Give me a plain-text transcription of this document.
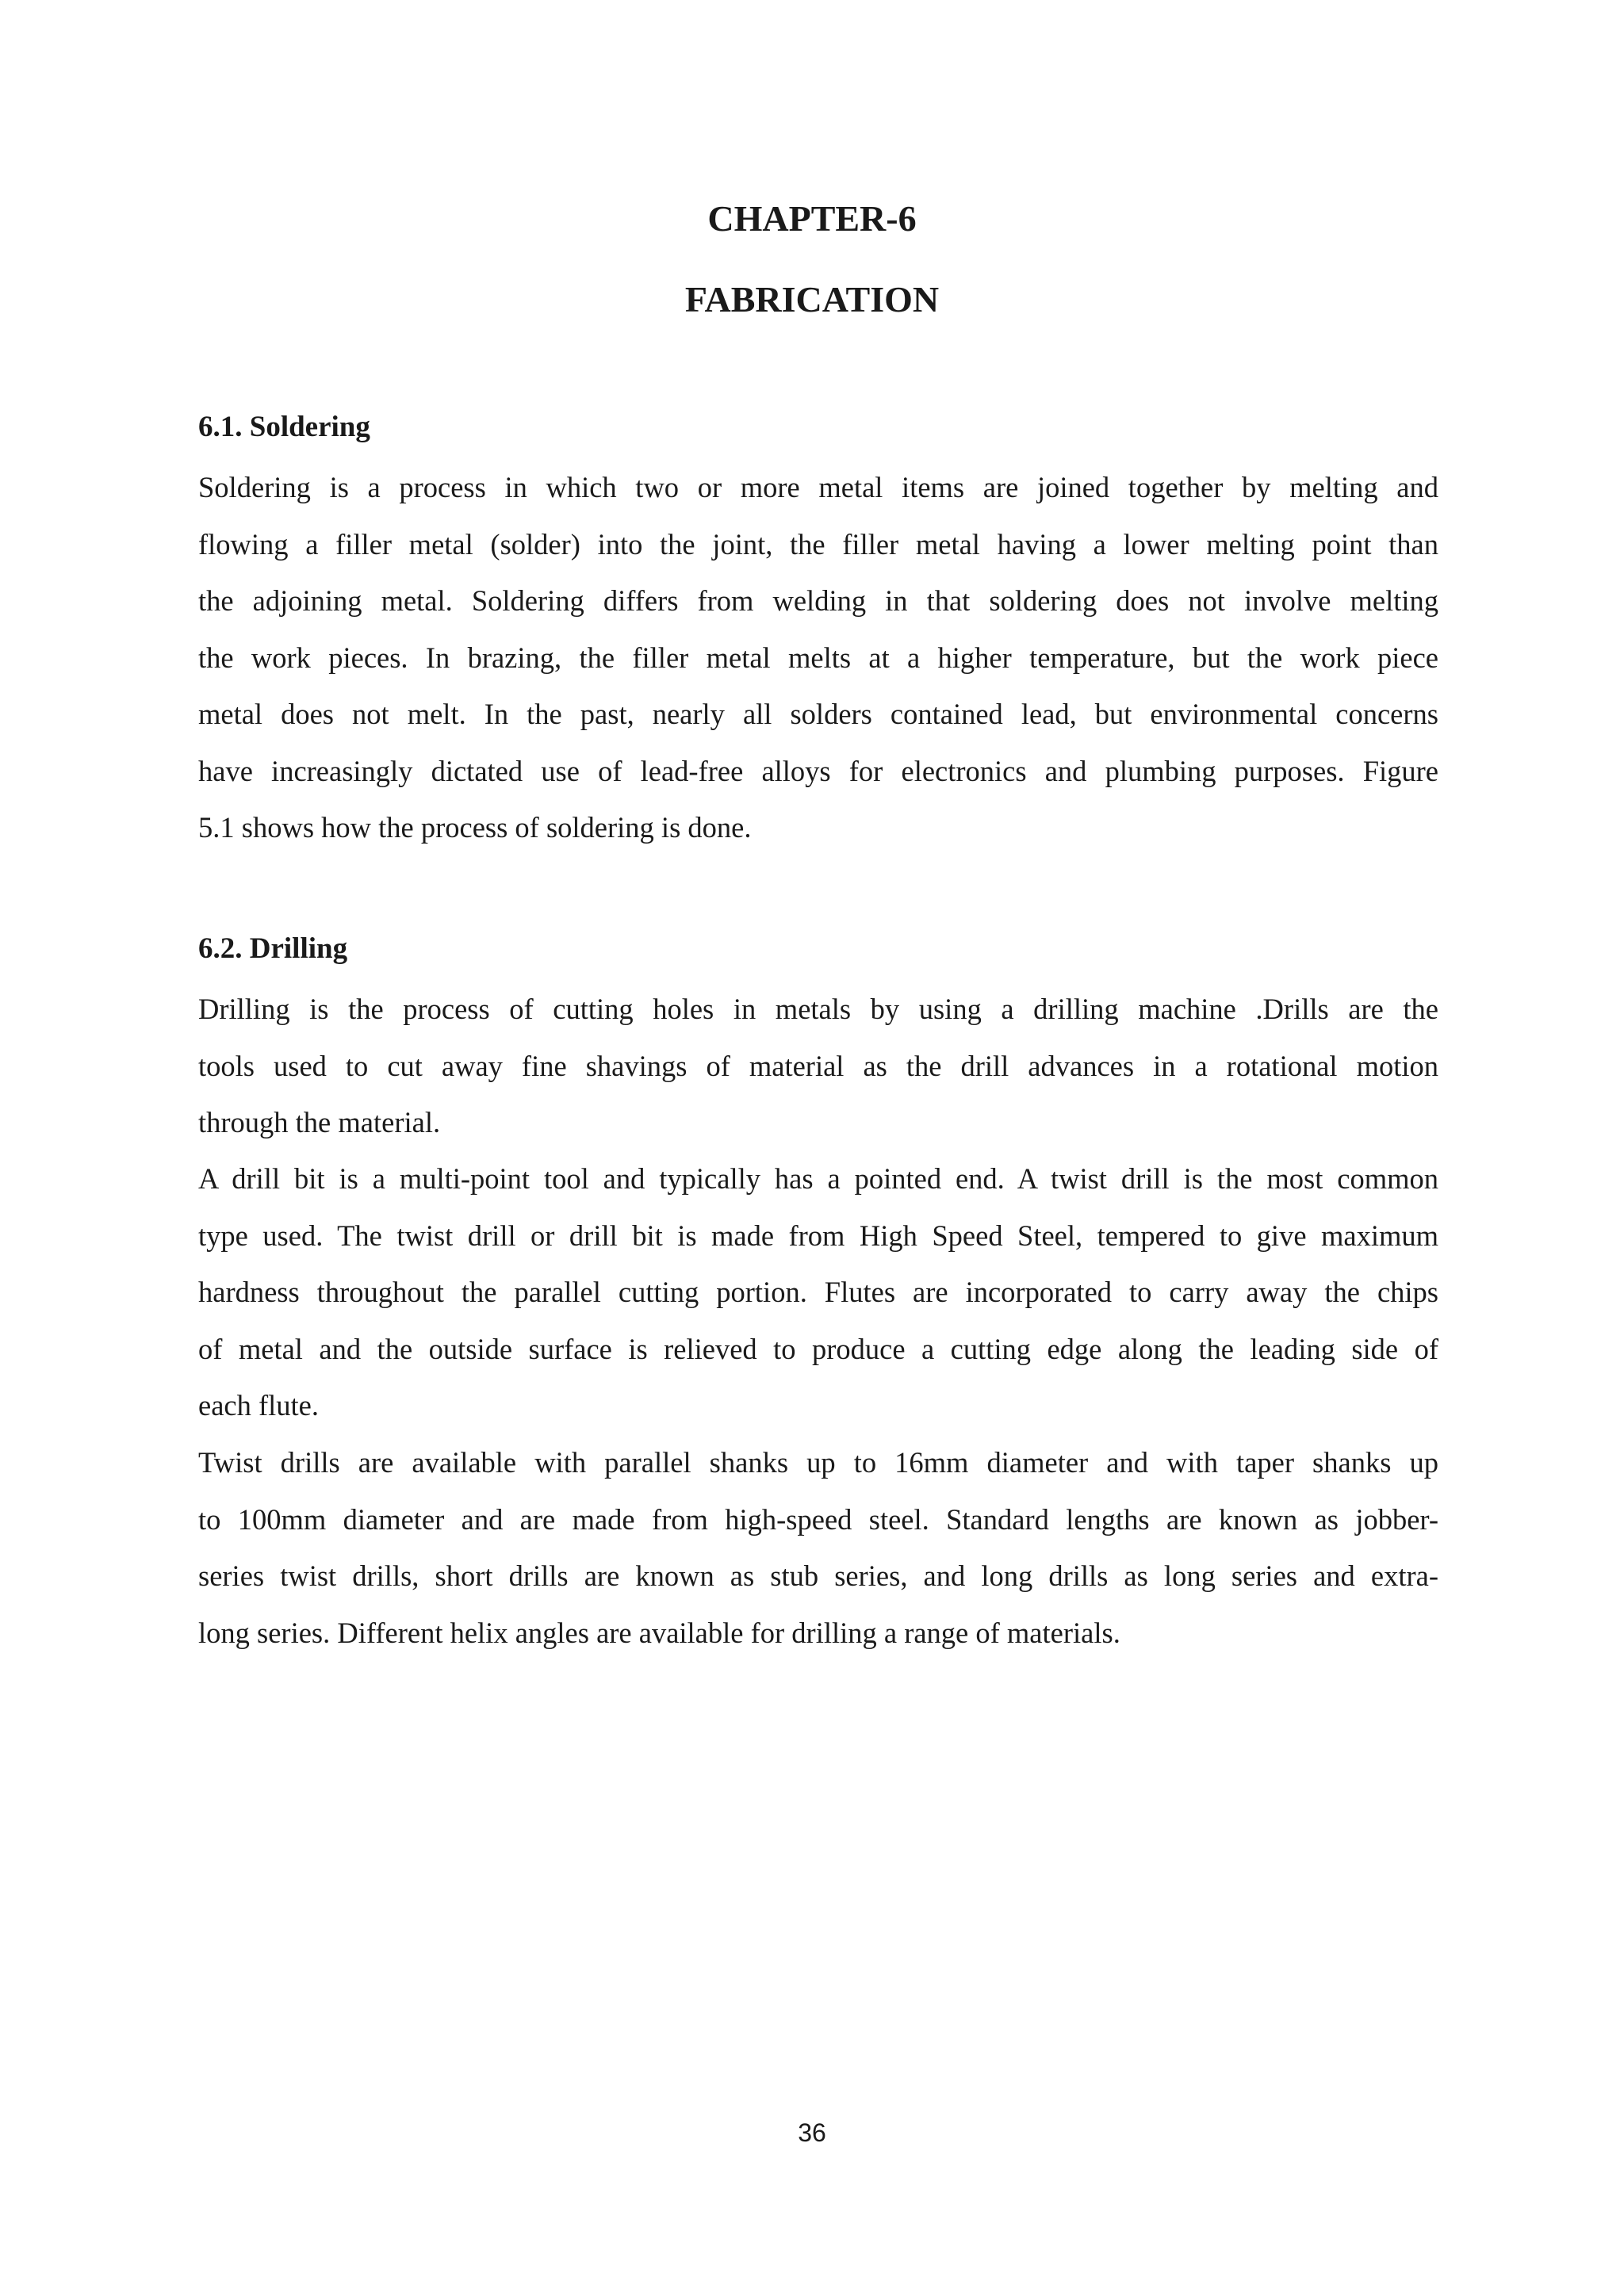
CHAPTER-6
FABRICATION
6.1. Soldering

Soldering is a process in which two or more metal items are joined together by melting and
flowing a filler metal (solder) into the joint, the filler metal having a lower melting point than
the adjoining metal. Soldering differs from welding in that soldering does not involve melting
the work pieces. In brazing, the filler metal melts at a higher temperature, but the work piece
metal does not melt. In the past, nearly all solders contained lead, but environmental concerns
have increasingly dictated use of lead-free alloys for electronics and plumbing purposes. Figure
5.1 shows how the process of soldering is done.

6.2. Drilling

Drilling is the process of cutting holes in metals by using a drilling machine .Drills are the
tools used to cut away fine shavings of material as the drill advances in a rotational motion
through the material.

A drill bit is a multi-point tool and typically has a pointed end. A twist drill is the most common
type used. The twist drill or drill bit is made from High Speed Steel, tempered to give maximum
hardness throughout the parallel cutting portion. Flutes are incorporated to carry away the chips
of metal and the outside surface is relieved to produce a cutting edge along the leading side of
each flute.

Twist drills are available with parallel shanks up to 16mm diameter and with taper shanks up
to 100mm diameter and are made from high-speed steel. Standard lengths are known as jobber-
series twist drills, short drills are known as stub series, and long drills as long series and extra-
long series. Different helix angles are available for drilling a range of materials.

36
